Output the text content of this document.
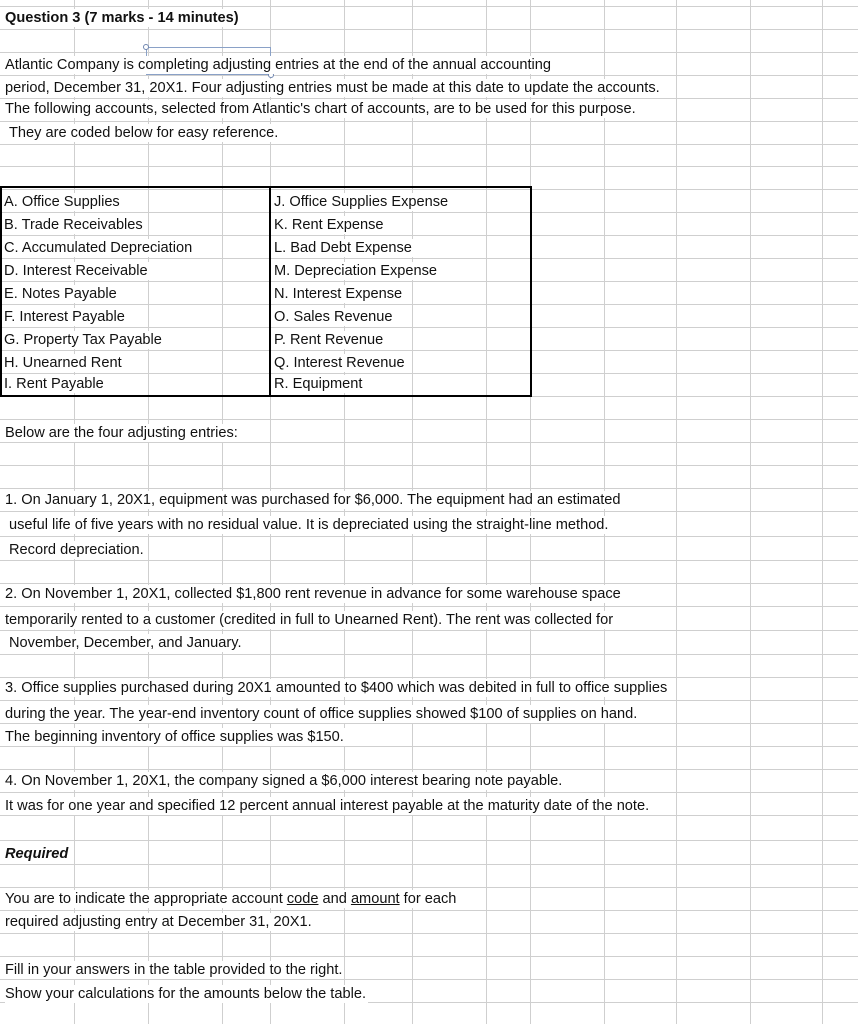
Question 3 (7 marks - 14 minutes)
Atlantic Company is completing adjusting entries at the end of the annual accounting
period, December 31, 20X1. Four adjusting entries must be made at this date to update the accounts.
The following accounts, selected from Atlantic's chart of accounts, are to be used for this purpose.
They are coded below for easy reference.
A. Office Supplies
B. Trade Receivables
C. Accumulated Depreciation
D. Interest Receivable
E. Notes Payable
F. Interest Payable
G. Property Tax Payable
H. Unearned Rent
I. Rent Payable
J. Office Supplies Expense
K. Rent Expense
L. Bad Debt Expense
M. Depreciation Expense
N. Interest Expense
O. Sales Revenue
P. Rent Revenue
Q. Interest Revenue
R. Equipment
Below are the four adjusting entries:
1. On January 1, 20X1, equipment was purchased for $6,000. The equipment had an estimated
useful life of five years with no residual value. It is depreciated using the straight-line method.
Record depreciation.
2. On November 1, 20X1, collected $1,800 rent revenue in advance for some warehouse space
temporarily rented to a customer (credited in full to Unearned Rent). The rent was collected for
November, December, and January.
3. Office supplies purchased during 20X1 amounted to $400 which was debited in full to office supplies
during the year. The year-end inventory count of office supplies showed $100 of supplies on hand.
The beginning inventory of office supplies was $150.
4. On November 1, 20X1, the company signed a $6,000 interest bearing note payable.
It was for one year and specified 12 percent annual interest payable at the maturity date of the note.
Required
You are to indicate the appropriate account code and amount for each
required adjusting entry at December 31, 20X1.
Fill in your answers in the table provided to the right.
Show your calculations for the amounts below the table.
